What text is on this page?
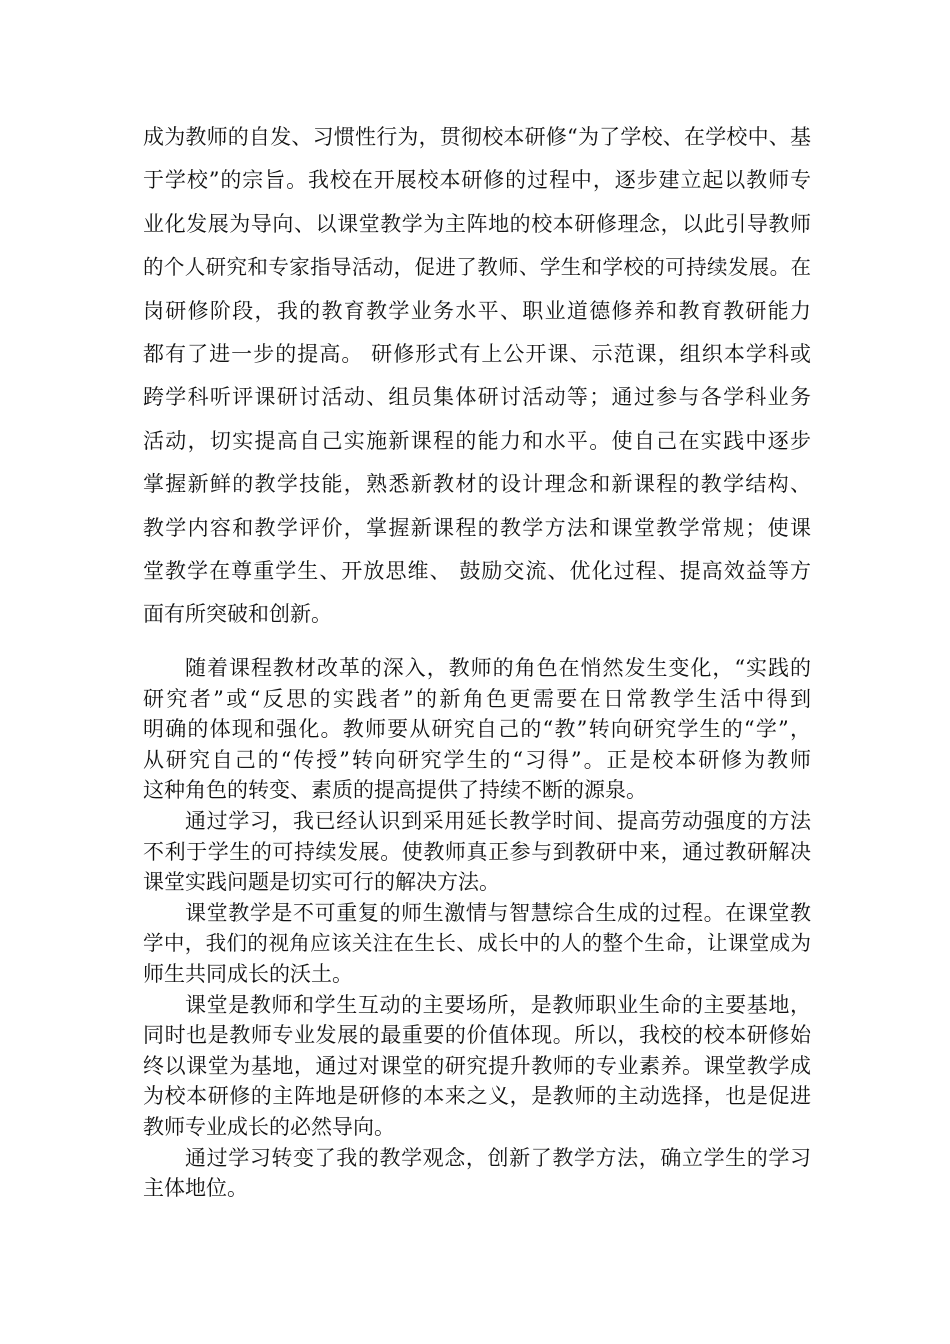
成为教师的自发、习惯性行为，贯彻校本研修“为了学校、在学校中、基
于学校”的宗旨。我校在开展校本研修的过程中，逐步建立起以教师专
业化发展为导向、以课堂教学为主阵地的校本研修理念，以此引导教师
的个人研究和专家指导活动，促进了教师、学生和学校的可持续发展。在
岗研修阶段，我的教育教学业务水平、职业道德修养和教育教研能力
都有了进一步的提高。 研修形式有上公开课、示范课，组织本学科或
跨学科听评课研讨活动、组员集体研讨活动等；通过参与各学科业务
活动，切实提高自己实施新课程的能力和水平。使自己在实践中逐步
掌握新鲜的教学技能，熟悉新教材的设计理念和新课程的教学结构、
教学内容和教学评价，掌握新课程的教学方法和课堂教学常规；使课
堂教学在尊重学生、开放思维、 鼓励交流、优化过程、提高效益等方
面有所突破和创新。
随着课程教材改革的深入，教师的角色在悄然发生变化，“实践的
研究者”或“反思的实践者”的新角色更需要在日常教学生活中得到
明确的体现和强化。教师要从研究自己的“教”转向研究学生的“学”，
从研究自己的“传授”转向研究学生的“习得”。正是校本研修为教师
这种角色的转变、素质的提高提供了持续不断的源泉。
通过学习，我已经认识到采用延长教学时间、提高劳动强度的方法
不利于学生的可持续发展。使教师真正参与到教研中来，通过教研解决
课堂实践问题是切实可行的解决方法。
课堂教学是不可重复的师生激情与智慧综合生成的过程。在课堂教
学中，我们的视角应该关注在生长、成长中的人的整个生命，让课堂成为
师生共同成长的沃土。
课堂是教师和学生互动的主要场所，是教师职业生命的主要基地，
同时也是教师专业发展的最重要的价值体现。所以，我校的校本研修始
终以课堂为基地，通过对课堂的研究提升教师的专业素养。课堂教学成
为校本研修的主阵地是研修的本来之义，是教师的主动选择，也是促进
教师专业成长的必然导向。
通过学习转变了我的教学观念，创新了教学方法，确立学生的学习
主体地位。
